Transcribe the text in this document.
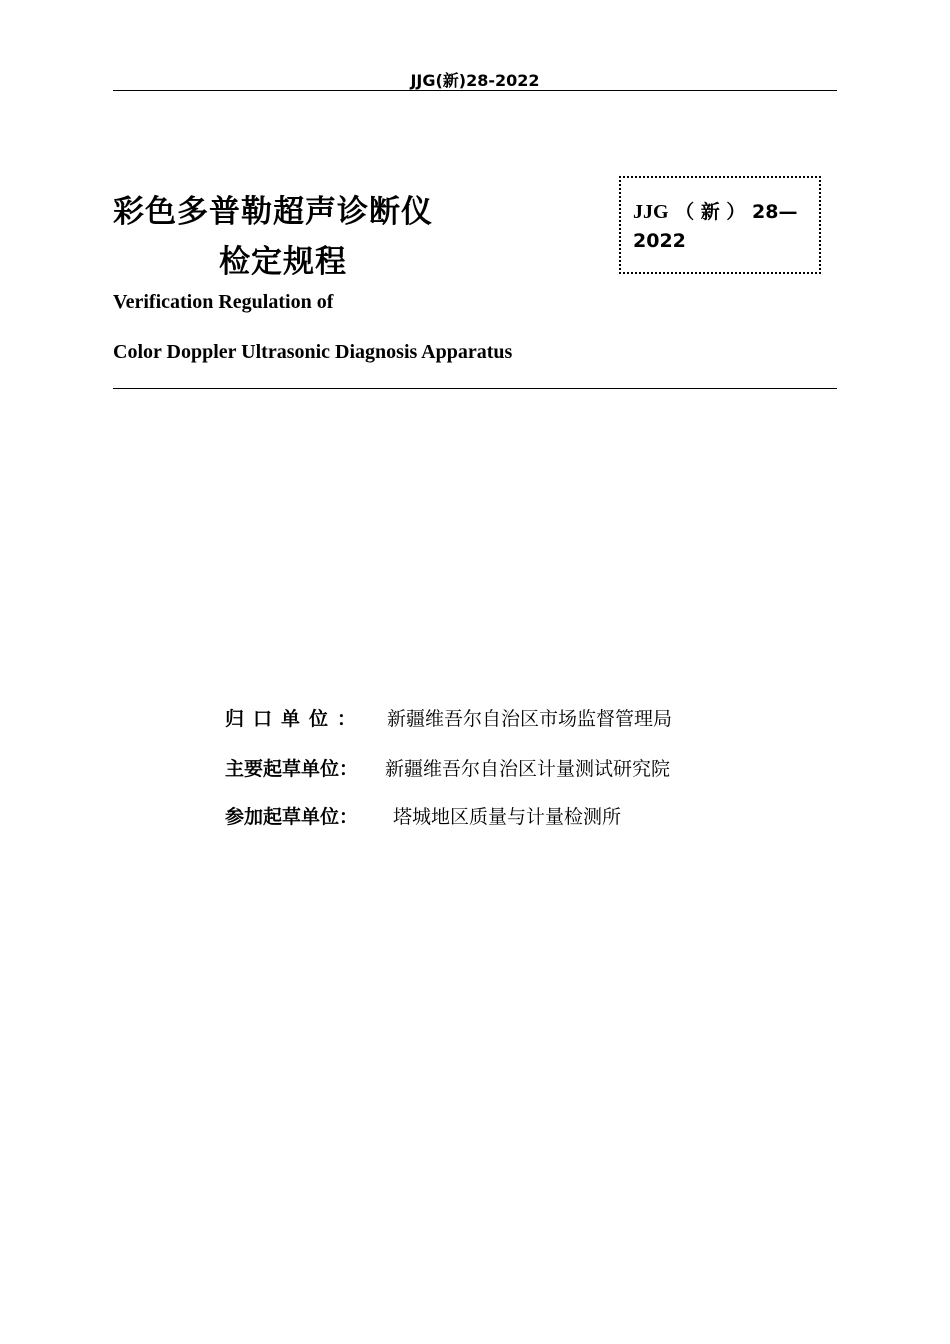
JJG(新)28-2022
彩色多普勒超声诊断仪
检定规程
JJG （ 新 ） 28—
2022
Verification Regulation of
Color Doppler Ultrasonic Diagnosis Apparatus
归口单位： 新疆维吾尔自治区市场监督管理局
主要起草单位： 新疆维吾尔自治区计量测试研究院
参加起草单位： 塔城地区质量与计量检测所
